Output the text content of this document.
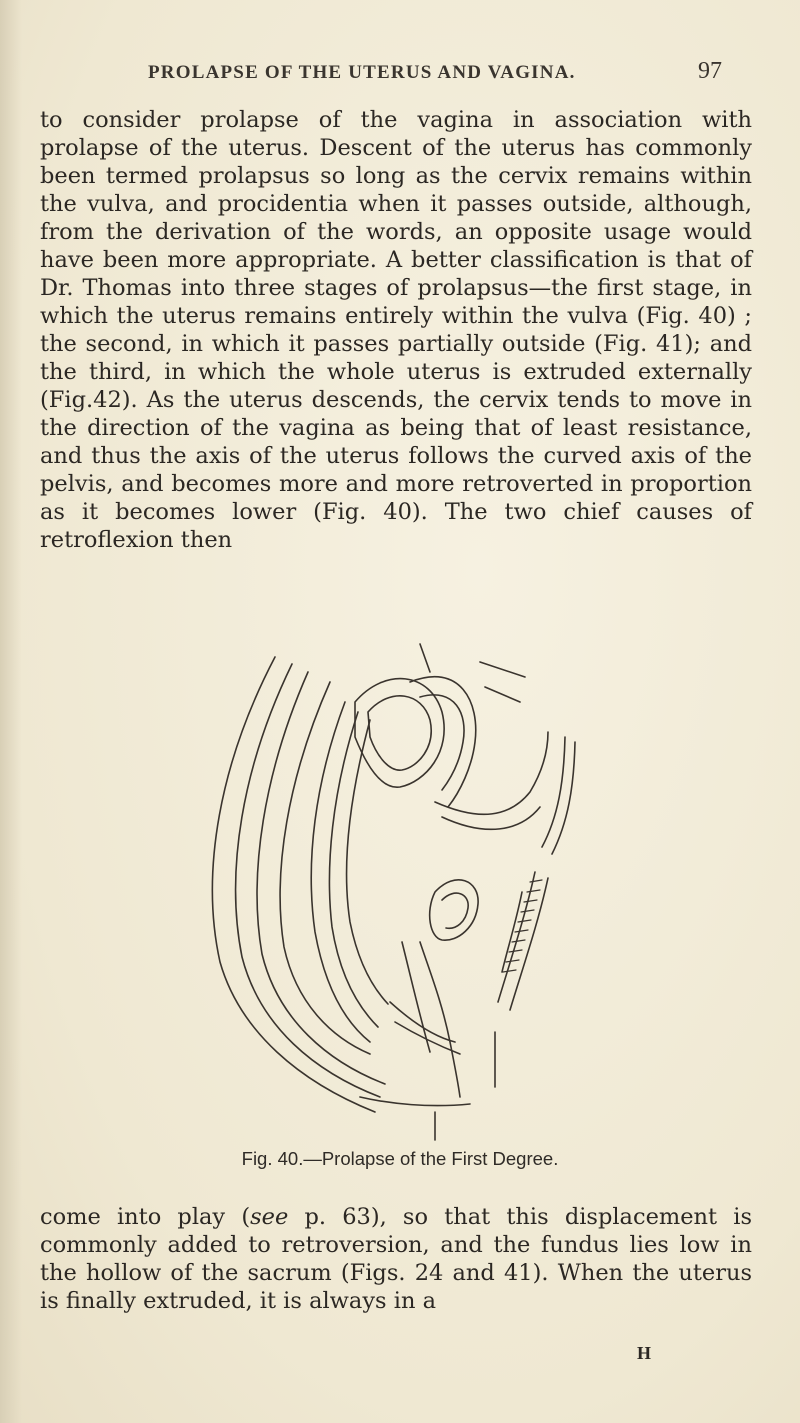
PROLAPSE OF THE UTERUS AND VAGINA.	97

to consider prolapse of the vagina in association with prolapse of the uterus. Descent of the uterus has commonly been termed prolapsus so long as the cervix remains within the vulva, and procidentia when it passes outside, although, from the derivation of the words, an opposite usage would have been more appropriate. A better classification is that of Dr. Thomas into three stages of prolapsus—the first stage, in which the uterus remains entirely within the vulva (Fig. 40) ; the second, in which it passes partially outside (Fig. 41); and the third, in which the whole uterus is extruded externally (Fig.42). As the uterus descends, the cervix tends to move in the direction of the vagina as being that of least resistance, and thus the axis of the uterus follows the curved axis of the pelvis, and becomes more and more retroverted in proportion as it becomes lower (Fig. 40). The two chief causes of retroflexion then

Fig. 40.—Prolapse of the First Degree.

come into play (see p. 63), so that this displacement is commonly added to retroversion, and the fundus lies low in the hollow of the sacrum (Figs. 24 and 41). When the uterus is finally extruded, it is always in a

H
